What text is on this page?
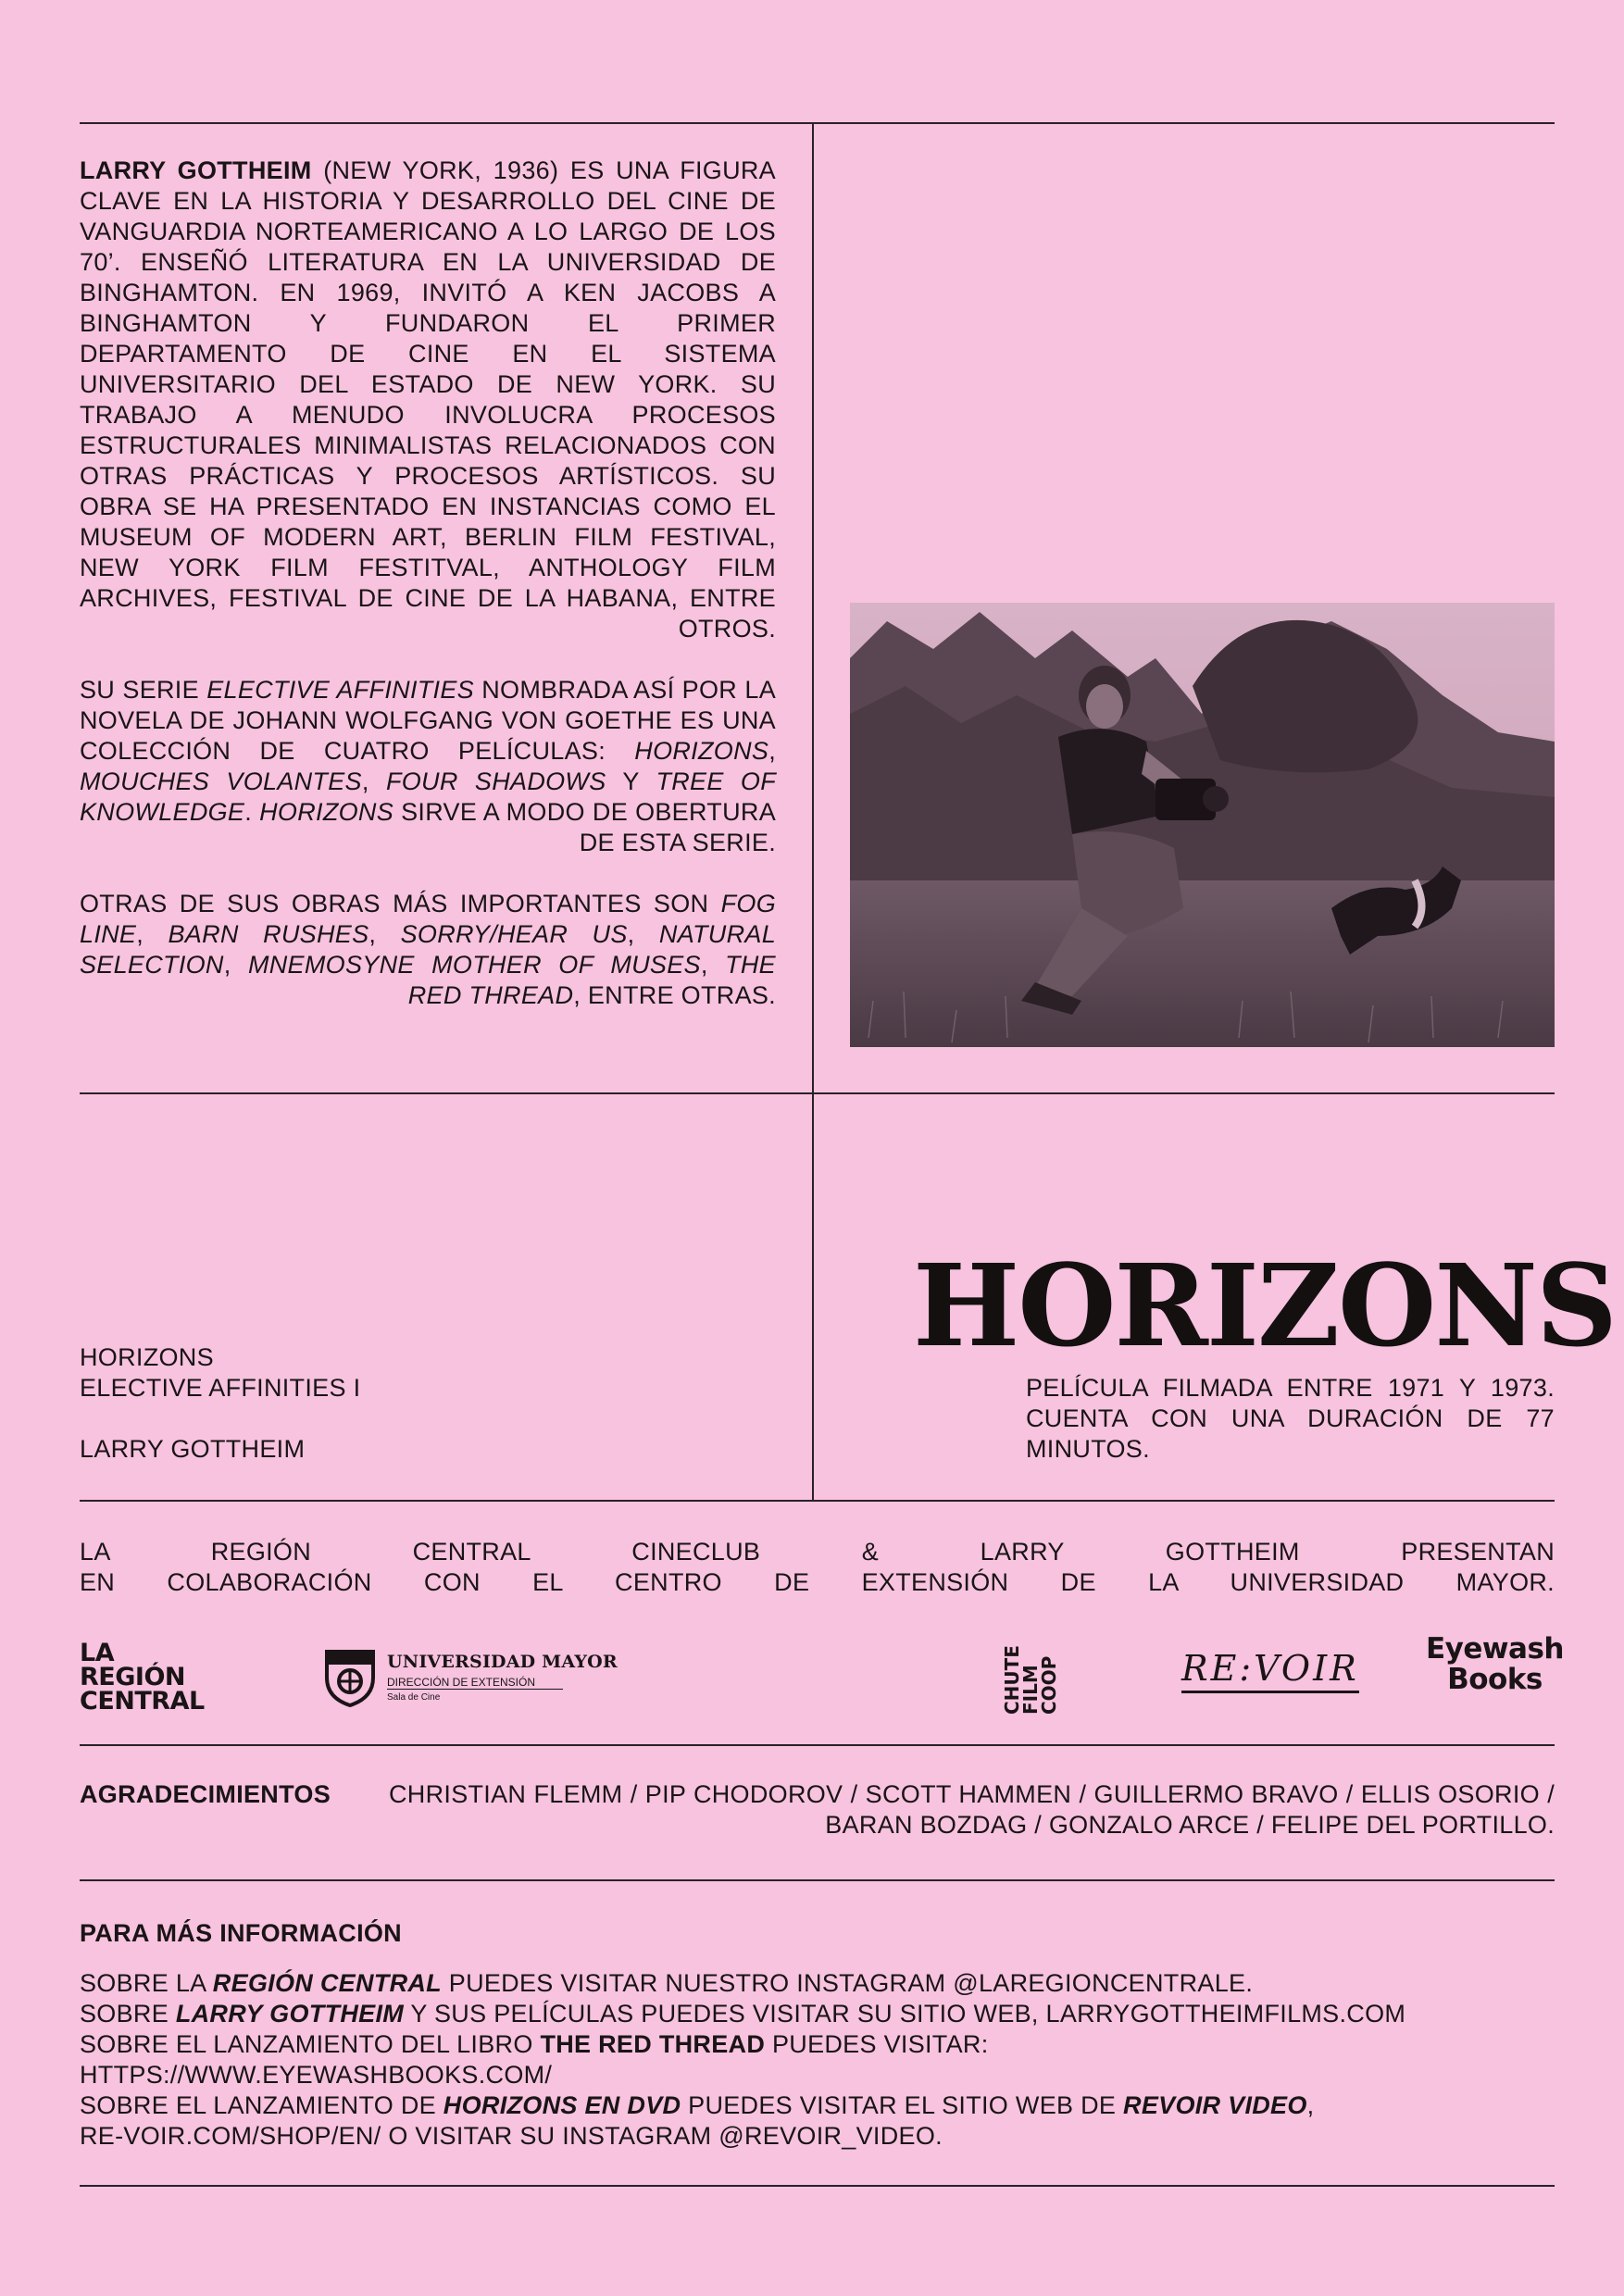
LARRY GOTTHEIM (NEW YORK, 1936) ES UNA FIGURA CLAVE EN LA HISTORIA Y DESARROLLO DEL CINE DE VANGUARDIA NORTEAMERICANO A LO LARGO DE LOS 70’. ENSEÑÓ LITERATURA EN LA UNIVERSIDAD DE BINGHAMTON. EN 1969, INVITÓ A KEN JACOBS A BINGHAMTON Y FUNDARON EL PRIMER DEPARTAMENTO DE CINE EN EL SISTEMA UNIVERSITARIO DEL ESTADO DE NEW YORK. SU TRABAJO A MENUDO INVOLUCRA PROCESOS ESTRUCTURALES MINIMALISTAS RELACIONADOS CON OTRAS PRÁCTICAS Y PROCESOS ARTÍSTICOS. SU OBRA SE HA PRESENTADO EN INSTANCIAS COMO EL MUSEUM OF MODERN ART, BERLIN FILM FESTIVAL, NEW YORK FILM FESTITVAL, ANTHOLOGY FILM ARCHIVES, FESTIVAL DE CINE DE LA HABANA, ENTRE OTROS.

SU SERIE ELECTIVE AFFINITIES NOMBRADA ASÍ POR LA NOVELA DE JOHANN WOLFGANG VON GOETHE ES UNA COLECCIÓN DE CUATRO PELÍCULAS: HORIZONS, MOUCHES VOLANTES, FOUR SHADOWS Y TREE OF KNOWLEDGE. HORIZONS SIRVE A MODO DE OBERTURA DE ESTA SERIE.

OTRAS DE SUS OBRAS MÁS IMPORTANTES SON FOG LINE, BARN RUSHES, SORRY/HEAR US, NATURAL SELECTION, MNEMOSYNE MOTHER OF MUSES, THE RED THREAD, ENTRE OTRAS.

HORIZONS

ELECTIVE AFFINITIES I

LARRY GOTTHEIM

HORIZONS
PELÍCULA FILMADA ENTRE 1971 Y 1973. CUENTA CON UNA DURACIÓN DE 77 MINUTOS.

LA REGIÓN CENTRAL CINECLUB & LARRY GOTTHEIM PRESENTAN

EN COLABORACIÓN CON EL CENTRO DE EXTENSIÓN DE LA UNIVERSIDAD MAYOR.

LA
REGIÓN
CENTRAL
UNIVERSIDAD MAYOR
DIRECCIÓN DE EXTENSIÓN
Sala de Cine	CHUTE
FILM
COOP	RE:VOIR Eyewash
Books
AGRADECIMIENTOS CHRISTIAN FLEMM / PIP CHODOROV / SCOTT HAMMEN / GUILLERMO BRAVO / ELLIS OSORIO / BARAN BOZDAG / GONZALO ARCE / FELIPE DEL PORTILLO.
PARA MÁS INFORMACIÓN

SOBRE LA REGIÓN CENTRAL PUEDES VISITAR NUESTRO INSTAGRAM @LAREGIONCENTRALE.

SOBRE LARRY GOTTHEIM Y SUS PELÍCULAS PUEDES VISITAR SU SITIO WEB, LARRYGOTTHEIMFILMS.COM

SOBRE EL LANZAMIENTO DEL LIBRO THE RED THREAD PUEDES VISITAR:

HTTPS://WWW.EYEWASHBOOKS.COM/

SOBRE EL LANZAMIENTO DE HORIZONS EN DVD PUEDES VISITAR EL SITIO WEB DE REVOIR VIDEO,

RE-VOIR.COM/SHOP/EN/ O VISITAR SU INSTAGRAM @REVOIR_VIDEO.
